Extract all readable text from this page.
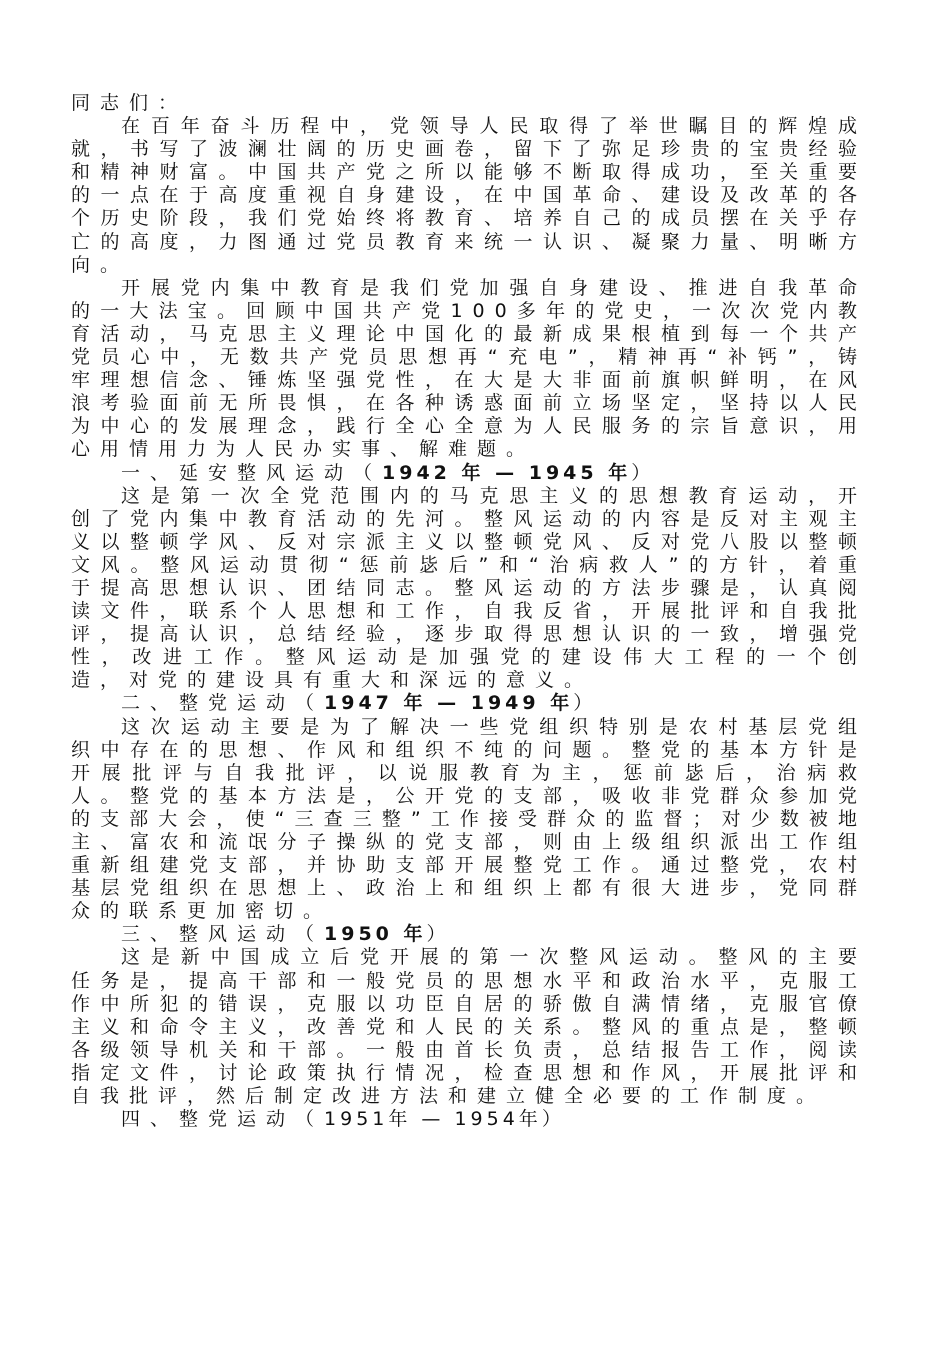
同志们：

在百年奋斗历程中，党领导人民取得了举世瞩目的辉煌成就，书写了波澜壮阔的历史画卷，留下了弥足珍贵的宝贵经验和精神财富。中国共产党之所以能够不断取得成功，至关重要的一点在于高度重视自身建设，在中国革命、建设及改革的各个历史阶段，我们党始终将教育、培养自己的成员摆在关乎存亡的高度，力图通过党员教育来统一认识、凝聚力量、明晰方向。

开展党内集中教育是我们党加强自身建设、推进自我革命的一大法宝。回顾中国共产党100多年的党史，一次次党内教育活动，马克思主义理论中国化的最新成果根植到每一个共产党员心中，无数共产党员思想再“充电”，精神再“补钙”，铸牢理想信念、锤炼坚强党性，在大是大非面前旗帜鲜明，在风浪考验面前无所畏惧，在各种诱惑面前立场坚定，坚持以人民为中心的发展理念，践行全心全意为人民服务的宗旨意识，用心用情用力为人民办实事、解难题。

一、延安整风运动（1942 年 — 1945 年）

这是第一次全党范围内的马克思主义的思想教育运动，开创了党内集中教育活动的先河。整风运动的内容是反对主观主义以整顿学风、反对宗派主义以整顿党风、反对党八股以整顿文风。整风运动贯彻“惩前毖后”和“治病救人”的方针，着重于提高思想认识、团结同志。整风运动的方法步骤是，认真阅读文件，联系个人思想和工作，自我反省，开展批评和自我批评，提高认识，总结经验，逐步取得思想认识的一致，增强党性，改进工作。整风运动是加强党的建设伟大工程的一个创造，对党的建设具有重大和深远的意义。

二、整党运动（1947 年 — 1949 年）

这次运动主要是为了解决一些党组织特别是农村基层党组织中存在的思想、作风和组织不纯的问题。整党的基本方针是开展批评与自我批评，以说服教育为主，惩前毖后，治病救人。整党的基本方法是，公开党的支部，吸收非党群众参加党的支部大会，使“三查三整”工作接受群众的监督；对少数被地主、富农和流氓分子操纵的党支部，则由上级组织派出工作组重新组建党支部，并协助支部开展整党工作。通过整党，农村基层党组织在思想上、政治上和组织上都有很大进步，党同群众的联系更加密切。

三、整风运动（1950 年）

这是新中国成立后党开展的第一次整风运动。整风的主要任务是，提高干部和一般党员的思想水平和政治水平，克服工作中所犯的错误，克服以功臣自居的骄傲自满情绪，克服官僚主义和命令主义，改善党和人民的关系。整风的重点是，整顿各级领导机关和干部。一般由首长负责，总结报告工作，阅读指定文件，讨论政策执行情况，检查思想和作风，开展批评和自我批评，然后制定改进方法和建立健全必要的工作制度。

四、整党运动（1951年 — 1954年）
